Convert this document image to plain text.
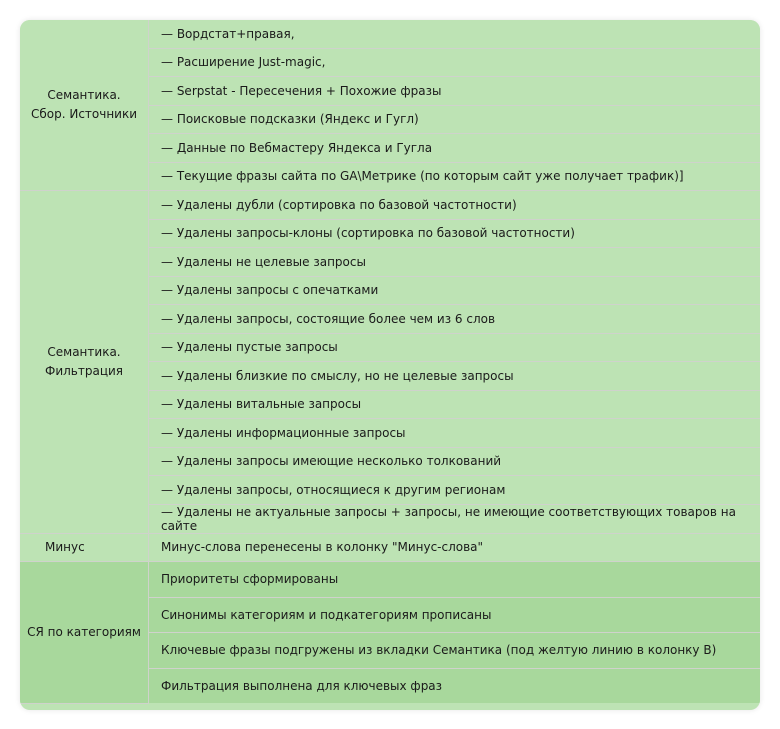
Семантика.
Сбор. Источники	— Вордстат+правая,
	— Расширение Just-magic,
	— Serpstat - Пересечения + Похожие фразы
	— Поисковые подсказки (Яндекс и Гугл)
	— Данные по Вебмастеру Яндекса и Гугла
	— Текущие фразы сайта по GA\Метрике (по которым сайт уже получает трафик)]
Семантика.
Фильтрация	— Удалены дубли (сортировка по базовой частотности)
	— Удалены запросы-клоны (сортировка по базовой частотности)
	— Удалены не целевые запросы
	— Удалены запросы с опечатками
	— Удалены запросы, состоящие более чем из 6 слов
	— Удалены пустые запросы
	— Удалены близкие по смыслу, но не целевые запросы
	— Удалены витальные запросы
	— Удалены информационные запросы
	— Удалены запросы имеющие несколько толкований
	— Удалены запросы, относящиеся к другим регионам
	— Удалены не актуальные запросы + запросы, не имеющие соответствующих товаров на сайте

Минус	Минус-слова перенесены в колонку "Минус-слова"
СЯ по категориям	Приоритеты сформированы
	Синонимы категориям и подкатегориям прописаны
	Ключевые фразы подгружены из вкладки Семантика (под желтую линию в колонку B)
	Фильтрация выполнена для ключевых фраз
